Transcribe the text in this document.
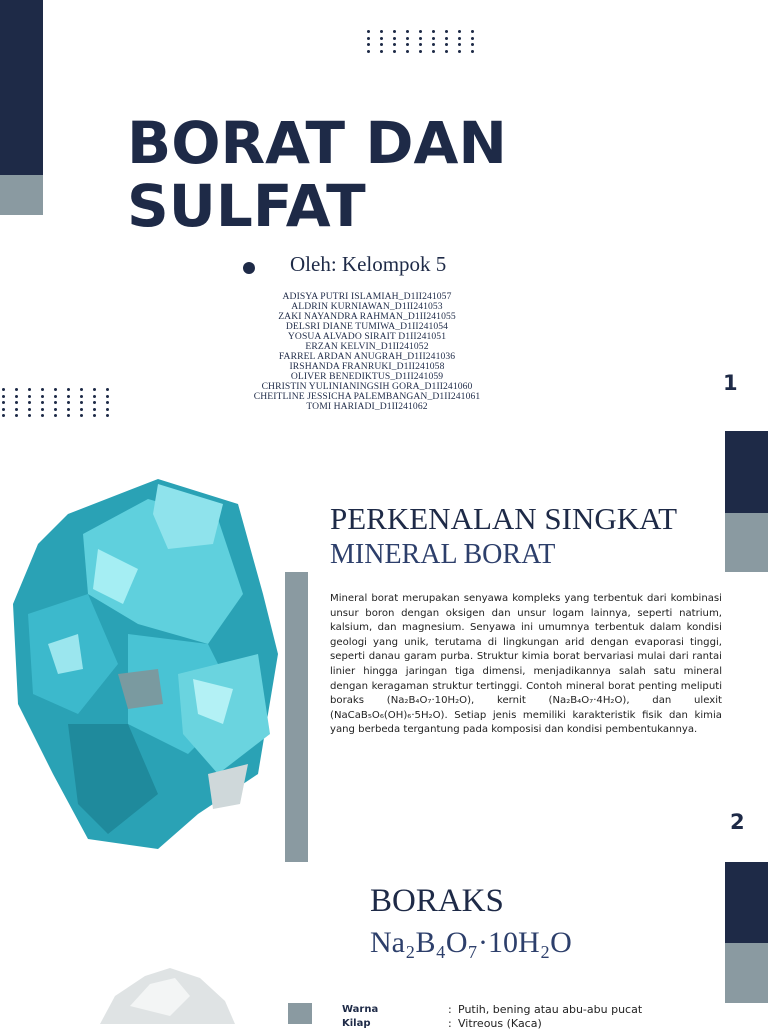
BORAT DAN
SULFAT
Oleh: Kelompok 5
ADISYA PUTRI ISLAMIAH_D1II241057
ALDRIN KURNIAWAN_D1II241053
ZAKI NAYANDRA RAHMAN_D1II241055
DELSRI DIANE TUMIWA_D1II241054
YOSUA ALVADO SIRAIT D1II241051
ERZAN KELVIN_D1II241052
FARREL ARDAN ANUGRAH_D1II241036
IRSHANDA FRANRUKI_D1II241058
OLIVER BENEDIKTUS_D1II241059
CHRISTIN YULINIANINGSIH GORA_D1II241060
CHEITLINE JESSICHA PALEMBANGAN_D1II241061
TOMI HARIADI_D1II241062
1
PERKENALAN SINGKAT
MINERAL BORAT

Mineral borat merupakan senyawa kompleks yang terbentuk dari kombinasi unsur boron dengan oksigen dan unsur logam lainnya, seperti natrium, kalsium, dan magnesium. Senyawa ini umumnya terbentuk dalam kondisi geologi yang unik, terutama di lingkungan arid dengan evaporasi tinggi, seperti danau garam purba. Struktur kimia borat bervariasi mulai dari rantai linier hingga jaringan tiga dimensi, menjadikannya salah satu mineral dengan keragaman struktur tertinggi. Contoh mineral borat penting meliputi boraks (Na₂B₄O₇·10H₂O), kernit (Na₂B₄O₇·4H₂O), dan ulexit (NaCaB₅O₆(OH)₆·5H₂O). Setiap jenis memiliki karakteristik fisik dan kimia yang berbeda tergantung pada komposisi dan kondisi pembentukannya.

2
BORAKS
Na₂B₄O₇·10H₂O
Warna	: Putih, bening atau abu-abu pucat
Kilap	: Vitreous (Kaca)
